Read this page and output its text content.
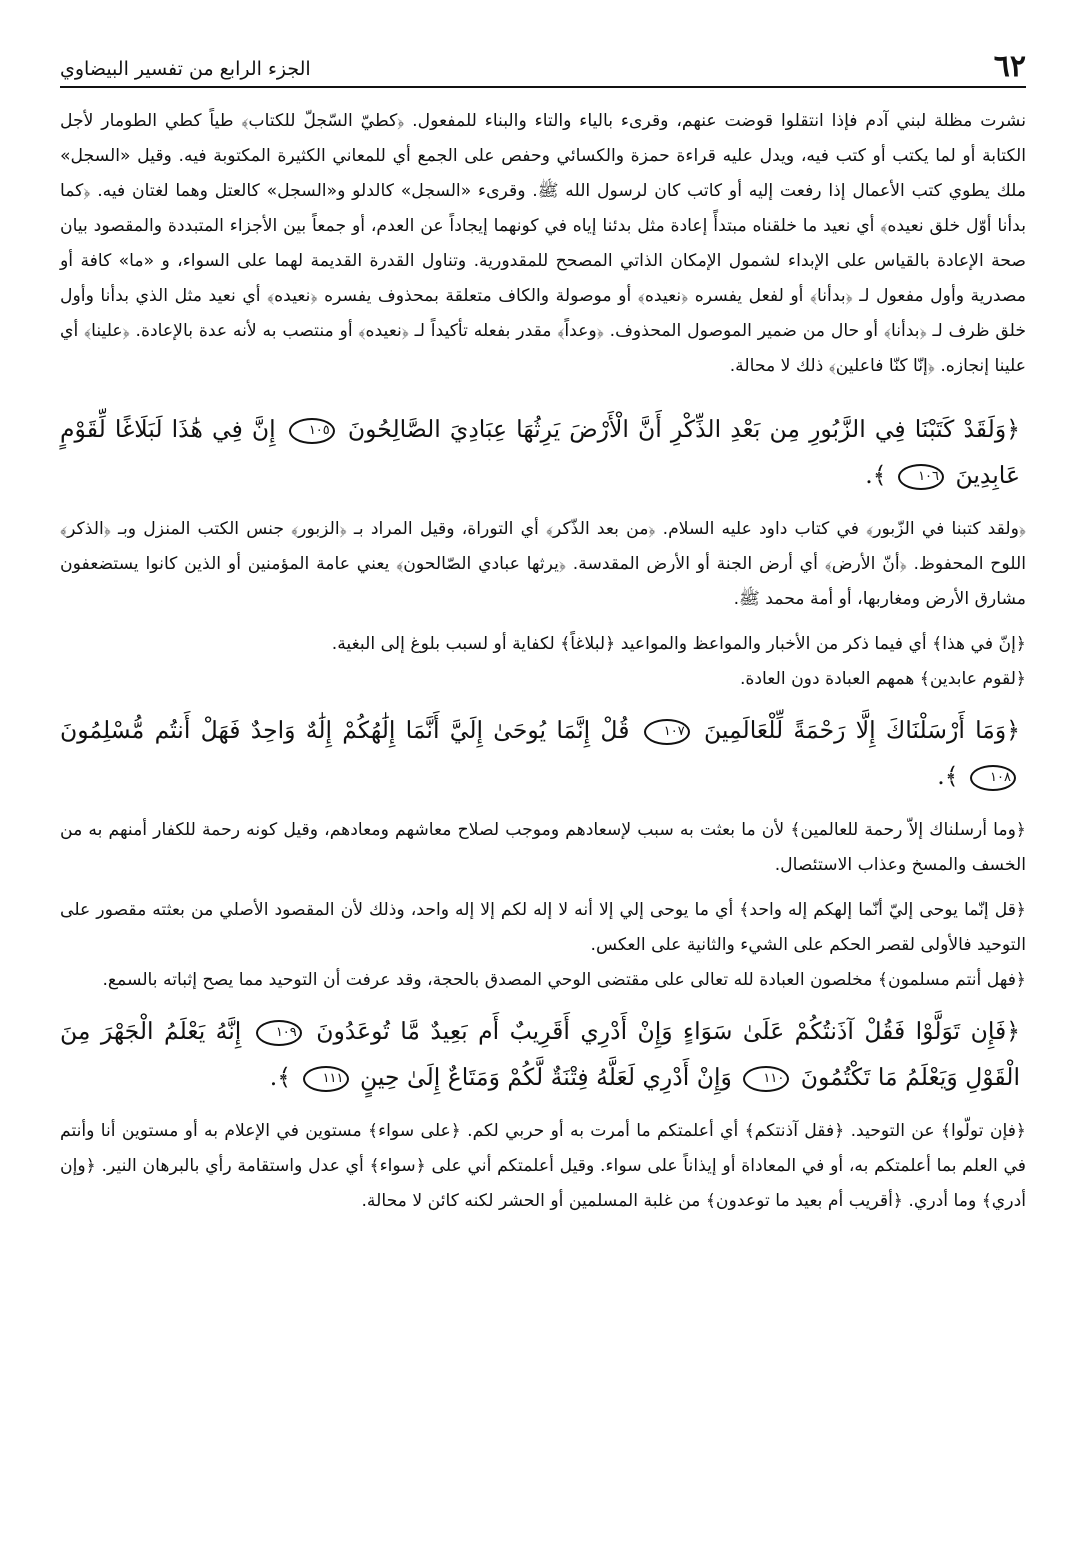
٦٢
الجزء الرابع من تفسير البيضاوي

نشرت مظلة لبني آدم فإذا انتقلوا قوضت عنهم، وقرىء بالياء والتاء والبناء للمفعول. ﴿كطيّ السّجلّ للكتاب﴾ طياً كطي الطومار لأجل الكتابة أو لما يكتب أو كتب فيه، ويدل عليه قراءة حمزة والكسائي وحفص على الجمع أي للمعاني الكثيرة المكتوبة فيه. وقيل «السجل» ملك يطوي كتب الأعمال إذا رفعت إليه أو كاتب كان لرسول الله ﷺ. وقرىء «السجل» كالدلو و«السجل» كالعتل وهما لغتان فيه. ﴿كما بدأنا أوّل خلق نعيده﴾ أي نعيد ما خلقناه مبتدأً إعادة مثل بدئنا إياه في كونهما إيجاداً عن العدم، أو جمعاً بين الأجزاء المتبددة والمقصود بيان صحة الإعادة بالقياس على الإبداء لشمول الإمكان الذاتي المصحح للمقدورية. وتناول القدرة القديمة لهما على السواء، و «ما» كافة أو مصدرية وأول مفعول لـ ﴿بدأنا﴾ أو لفعل يفسره ﴿نعيده﴾ أو موصولة والكاف متعلقة بمحذوف يفسره ﴿نعيده﴾ أي نعيد مثل الذي بدأنا وأول خلق ظرف لـ ﴿بدأنا﴾ أو حال من ضمير الموصول المحذوف. ﴿وعداً﴾ مقدر بفعله تأكيداً لـ ﴿نعيده﴾ أو منتصب به لأنه عدة بالإعادة. ﴿علينا﴾ أي علينا إنجازه. ﴿إنّا كنّا فاعلين﴾ ذلك لا محالة.

﴿وَلَقَدْ كَتَبْنَا فِي الزَّبُورِ مِن بَعْدِ الذِّكْرِ أَنَّ الْأَرْضَ يَرِثُهَا عِبَادِيَ الصَّالِحُونَ ١٠٥ إِنَّ فِي هَٰذَا لَبَلَاغًا لِّقَوْمٍ عَابِدِينَ ١٠٦ ﴾.

﴿ولقد كتبنا في الزّبور﴾ في كتاب داود عليه السلام. ﴿من بعد الذّكر﴾ أي التوراة، وقيل المراد بـ ﴿الزبور﴾ جنس الكتب المنزل وبـ ﴿الذكر﴾ اللوح المحفوظ. ﴿أنّ الأرض﴾ أي أرض الجنة أو الأرض المقدسة. ﴿يرثها عبادي الصّالحون﴾ يعني عامة المؤمنين أو الذين كانوا يستضعفون مشارق الأرض ومغاربها، أو أمة محمد ﷺ.

﴿إنّ في هذا﴾ أي فيما ذكر من الأخبار والمواعظ والمواعيد ﴿لبلاغاً﴾ لكفاية أو لسبب بلوغ إلى البغية.

﴿لقوم عابدين﴾ همهم العبادة دون العادة.

﴿وَمَا أَرْسَلْنَاكَ إِلَّا رَحْمَةً لِّلْعَالَمِينَ ١٠٧ قُلْ إِنَّمَا يُوحَىٰ إِلَيَّ أَنَّمَا إِلَٰهُكُمْ إِلَٰهٌ وَاحِدٌ فَهَلْ أَنتُم مُّسْلِمُونَ ١٠٨ ﴾.

﴿وما أرسلناك إلاّ رحمة للعالمين﴾ لأن ما بعثت به سبب لإسعادهم وموجب لصلاح معاشهم ومعادهم، وقيل كونه رحمة للكفار أمنهم به من الخسف والمسخ وعذاب الاستئصال.

﴿قل إنّما يوحى إليّ أنّما إلهكم إله واحد﴾ أي ما يوحى إلي إلا أنه لا إله لكم إلا إله واحد، وذلك لأن المقصود الأصلي من بعثته مقصور على التوحيد فالأولى لقصر الحكم على الشيء والثانية على العكس.

﴿فهل أنتم مسلمون﴾ مخلصون العبادة لله تعالى على مقتضى الوحي المصدق بالحجة، وقد عرفت أن التوحيد مما يصح إثباته بالسمع.

﴿فَإِن تَوَلَّوْا فَقُلْ آذَنتُكُمْ عَلَىٰ سَوَاءٍ وَإِنْ أَدْرِي أَقَرِيبٌ أَم بَعِيدٌ مَّا تُوعَدُونَ ١٠٩ إِنَّهُ يَعْلَمُ الْجَهْرَ مِنَ الْقَوْلِ وَيَعْلَمُ مَا تَكْتُمُونَ ١١٠ وَإِنْ أَدْرِي لَعَلَّهُ فِتْنَةٌ لَّكُمْ وَمَتَاعٌ إِلَىٰ حِينٍ ١١١ ﴾.

﴿فإن تولّوا﴾ عن التوحيد. ﴿فقل آذنتكم﴾ أي أعلمتكم ما أمرت به أو حربي لكم. ﴿على سواء﴾ مستوين في الإعلام به أو مستوين أنا وأنتم في العلم بما أعلمتكم به، أو في المعاداة أو إيذاناً على سواء. وقيل أعلمتكم أني على ﴿سواء﴾ أي عدل واستقامة رأي بالبرهان النير. ﴿وإن أدري﴾ وما أدري. ﴿أقريب أم بعيد ما توعدون﴾ من غلبة المسلمين أو الحشر لكنه كائن لا محالة.
